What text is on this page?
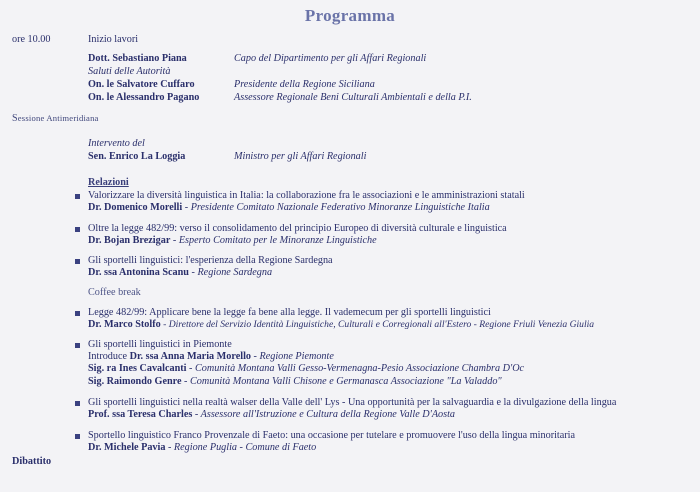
Programma
ore 10.00	Inizio lavori
Dott. Sebastiano Piana	Capo del Dipartimento per gli Affari Regionali
Saluti delle Autorità
On. le Salvatore Cuffaro	Presidente della Regione Siciliana
On. le Alessandro Pagano	Assessore Regionale Beni Culturali Ambientali e della P.I.
Sessione Antimeridiana
Intervento del
Sen. Enrico La Loggia	Ministro per gli Affari Regionali
Relazioni
Valorizzare la diversità linguistica in Italia: la collaborazione fra le associazioni e le amministrazioni statali
Dr. Domenico Morelli - Presidente Comitato Nazionale Federativo Minoranze Linguistiche Italia
Oltre la legge 482/99: verso il consolidamento del principio Europeo di diversità culturale e linguistica
Dr. Bojan Brezigar - Esperto Comitato per le Minoranze Linguistiche
Gli sportelli linguistici: l'esperienza della Regione Sardegna
Dr. ssa Antonina Scanu - Regione Sardegna
Coffee break
Legge 482/99: Applicare bene la legge fa bene alla legge. Il vademecum per gli sportelli linguistici
Dr. Marco Stolfo - Direttore del Servizio Identità Linguistiche, Culturali e Corregionali all'Estero - Regione Friuli Venezia Giulia
Gli sportelli linguistici in Piemonte
Introduce Dr. ssa Anna Maria Morello - Regione Piemonte
Sig. ra Ines Cavalcanti - Comunità Montana Valli Gesso-Vermenagna-Pesio Associazione Chambra D'Oc
Sig. Raimondo Genre - Comunità Montana Valli Chisone e Germanasca Associazione "La Valaddo"
Gli sportelli linguistici nella realtà walser della Valle dell' Lys - Una opportunità per la salvaguardia e la divulgazione della lingua
Prof. ssa Teresa Charles - Assessore all'Istruzione e Cultura della Regione Valle D'Aosta
Sportello linguistico Franco Provenzale di Faeto: una occasione per tutelare e promuovere l'uso della lingua minoritaria
Dr. Michele Pavia - Regione Puglia - Comune di Faeto
Dibattito
